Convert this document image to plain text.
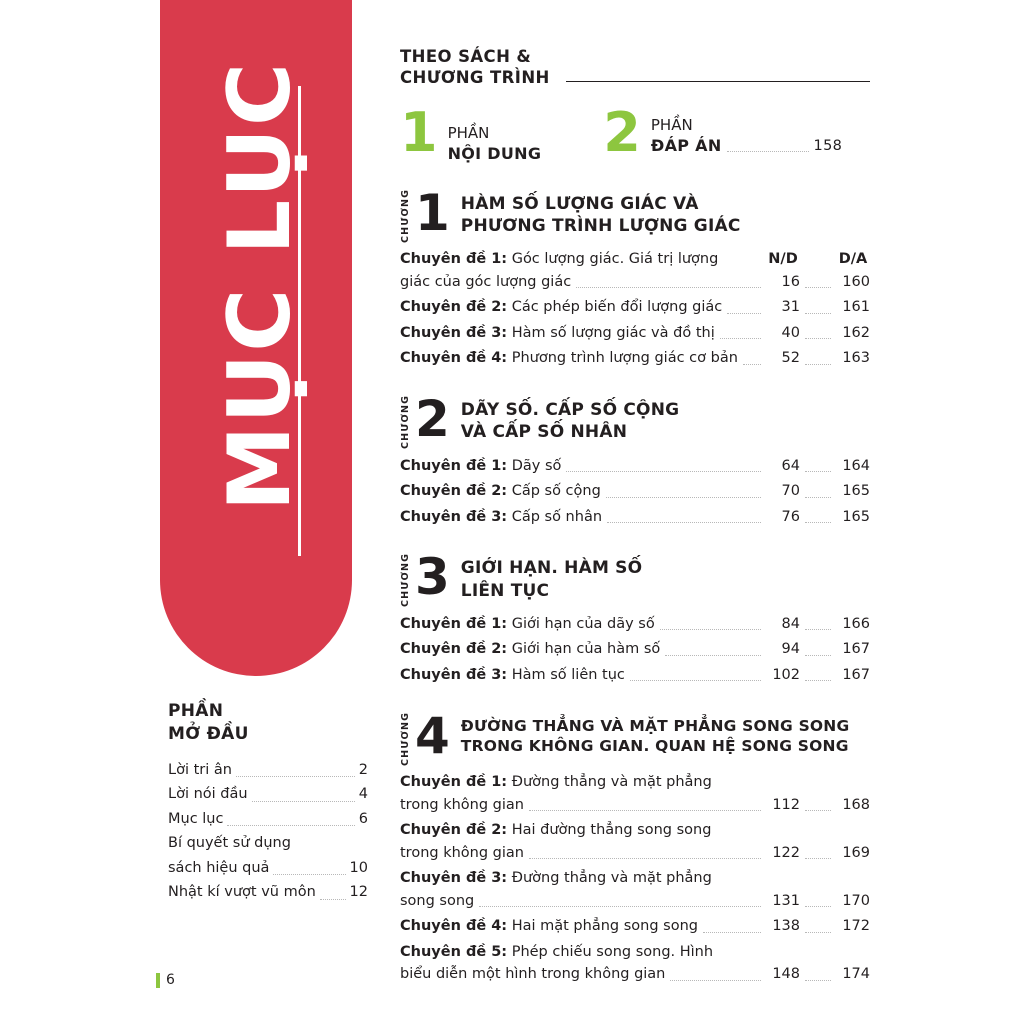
MỤC LỤC
PHẦN
MỞ ĐẦU
Lời tri ân	2
Lời nói đầu	4
Mục lục	6
Bí quyết sử dụng
sách hiệu quả	10
Nhật kí vượt vũ môn 12
6
THEO SÁCH &
CHƯƠNG TRÌNH
1 PHẦN
NỘI DUNG 2 PHẦN
ĐÁP ÁN	158
CHƯƠNG 1 HÀM SỐ LƯỢNG GIÁC VÀ
PHƯƠNG TRÌNH LƯỢNG GIÁC
Chuyên đề 1: Góc lượng giác. Giá trị lượng	N/D	D/A
giác của góc lượng giác	16	160
Chuyên đề 2: Các phép biến đổi lượng giác	31	161
Chuyên đề 3: Hàm số lượng giác và đồ thị	40	162
Chuyên đề 4: Phương trình lượng giác cơ bản	52	163
CHƯƠNG 2 DÃY SỐ. CẤP SỐ CỘNG
VÀ CẤP SỐ NHÂN
Chuyên đề 1: Dãy số	64	164
Chuyên đề 2: Cấp số cộng	70	165
Chuyên đề 3: Cấp số nhân	76	165
CHƯƠNG 3 GIỚI HẠN. HÀM SỐ
LIÊN TỤC
Chuyên đề 1: Giới hạn của dãy số	84	166
Chuyên đề 2: Giới hạn của hàm số	94	167
Chuyên đề 3: Hàm số liên tục	102	167
CHƯƠNG 4 ĐƯỜNG THẲNG VÀ MẶT PHẲNG SONG SONG
TRONG KHÔNG GIAN. QUAN HỆ SONG SONG
Chuyên đề 1: Đường thẳng và mặt phẳng
trong không gian	112	168
Chuyên đề 2: Hai đường thẳng song song
trong không gian	122	169
Chuyên đề 3: Đường thẳng và mặt phẳng
song song	131	170
Chuyên đề 4: Hai mặt phẳng song song	138	172
Chuyên đề 5: Phép chiếu song song. Hình
biểu diễn một hình trong không gian	148	174
